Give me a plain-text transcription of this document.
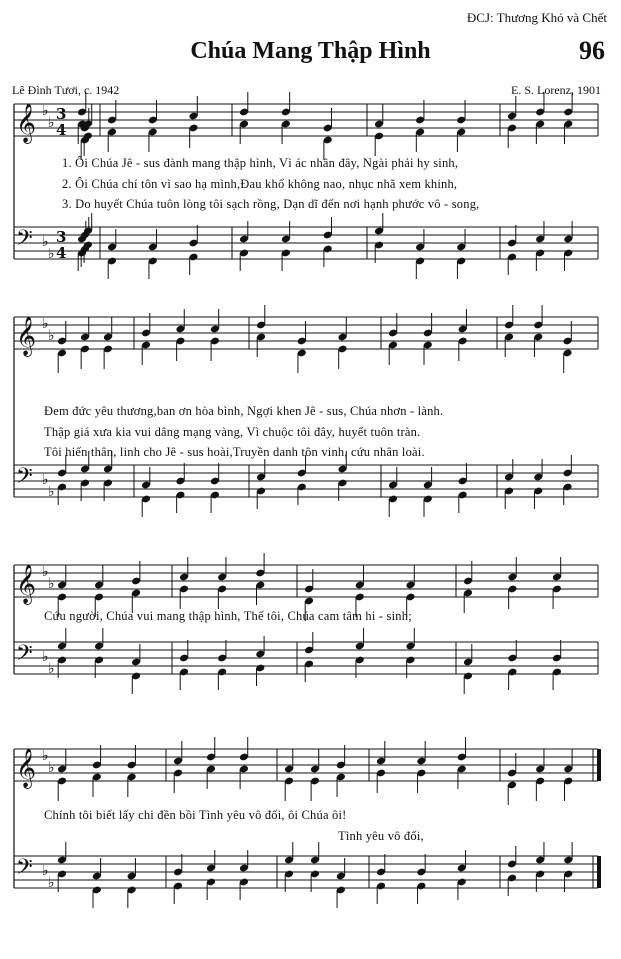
ĐCJ: Thương Khó và Chết
Chúa Mang Thập Hình	96
Lê Đình Tươi, c. 1942	E. S. Lorenz, 1901
𝄞
𝄢
♭
♭
♭
♭
3
4
3
4
𝄞
𝄢
♭
♭
♭
♭
𝄞
𝄢
♭
♭
♭
♭
𝄞
𝄢
♭
♭
♭
♭
1. Ôi Chúa Jê - sus đành mang thập hình, Vì ác nhân đây, Ngài phải hy sinh,
2. Ôi Chúa chí tôn vì sao hạ mình,Đau khổ không nao, nhục nhã xem khinh,
3. Do huyết Chúa tuôn lòng tôi sạch rồng, Dạn dĩ đến nơi hạnh phước vô - song,
Đem đức yêu thương,ban ơn hòa bình, Ngợi khen Jê - sus, Chúa nhơn - lành.
Thập giá xưa kia vui dâng mạng vàng, Vì chuộc tôi đây, huyết tuôn tràn.
Tôi hiến thân, linh cho Jê - sus hoài,Truyền danh tôn vinh, cứu nhân loài.
Cứu người, Chúa vui mang thập hình, Thế tôi, Chúa cam tâm hi - sinh;
Chính tôi biết lấy chi đền bồi Tình yêu vô đối, ôi Chúa ôi!
Tình yêu vô đối,
